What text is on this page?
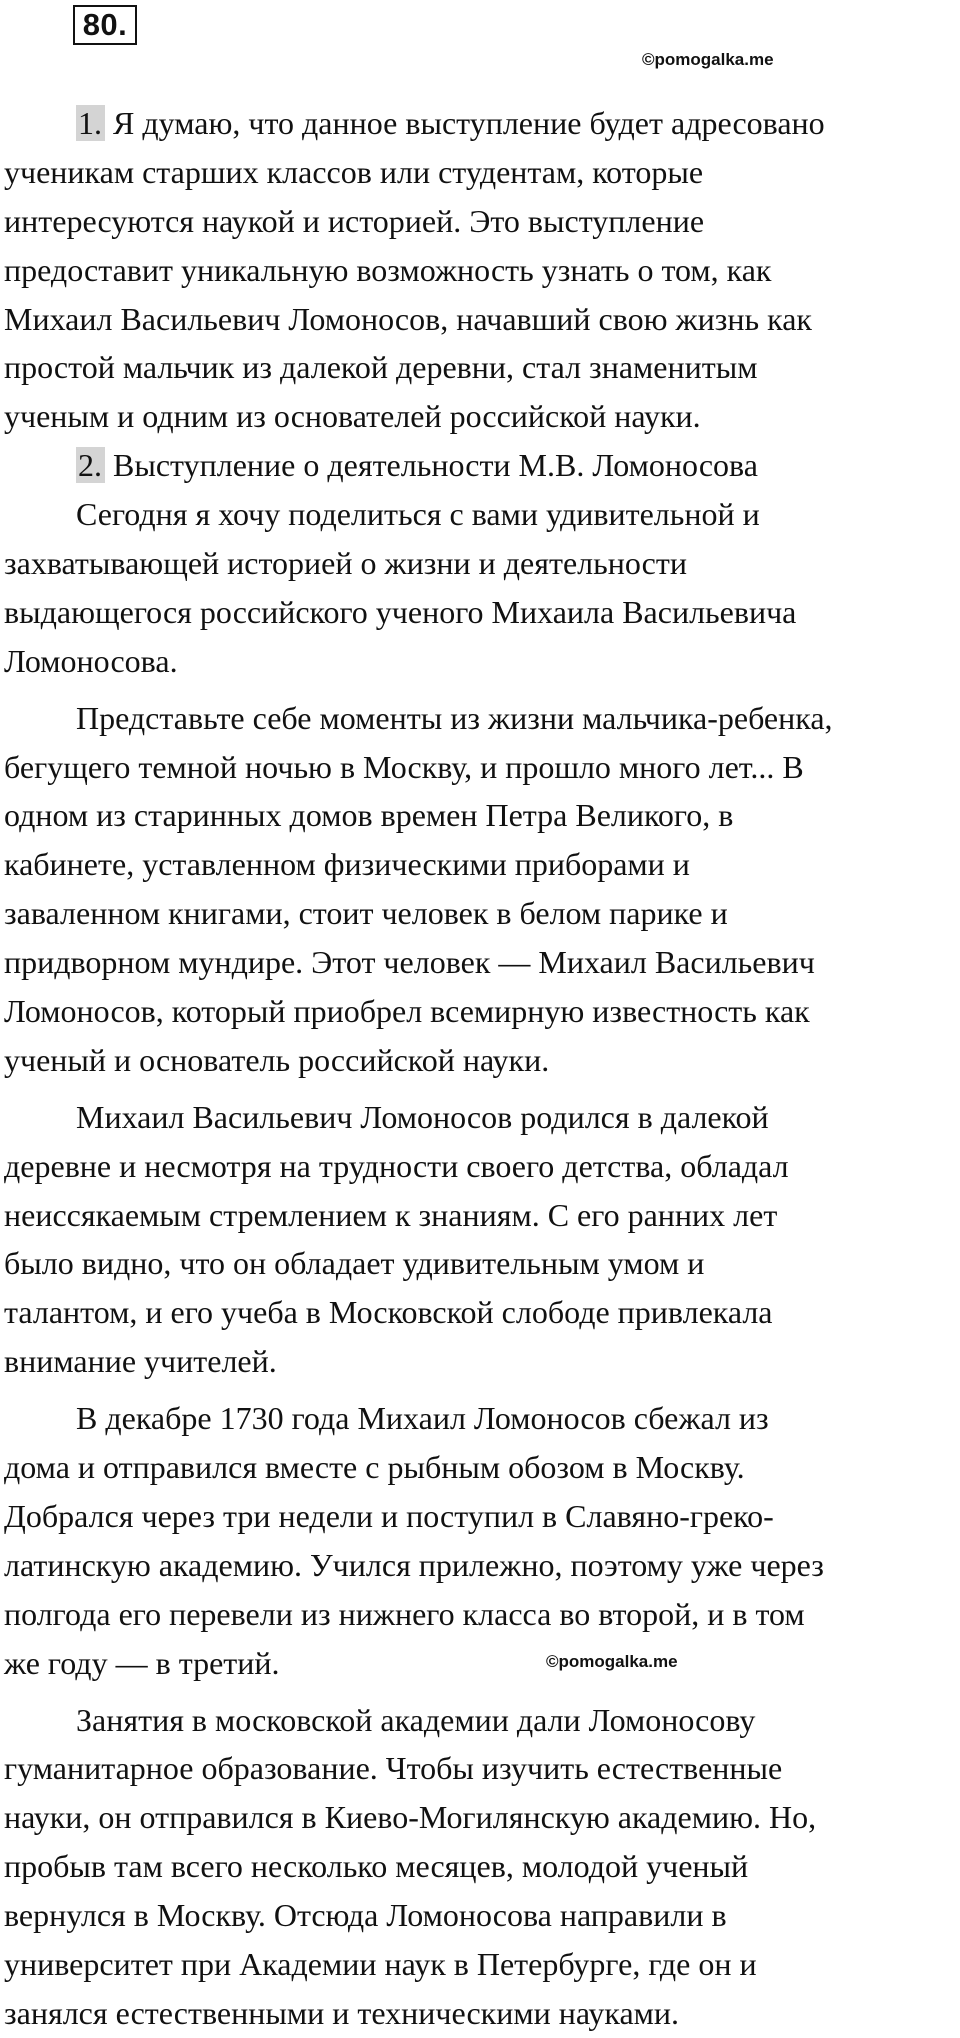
80.
©pomogalka.me
©pomogalka.me
1. Я думаю, что данное выступление будет адресовано
ученикам старших классов или студентам, которые
интересуются наукой и историей. Это выступление
предоставит уникальную возможность узнать о том, как
Михаил Васильевич Ломоносов, начавший свою жизнь как
простой мальчик из далекой деревни, стал знаменитым
ученым и одним из основателей российской науки.
2. Выступление о деятельности М.В. Ломоносова
Сегодня я хочу поделиться с вами удивительной и
захватывающей историей о жизни и деятельности
выдающегося российского ученого Михаила Васильевича
Ломоносова.
Представьте себе моменты из жизни мальчика-ребенка,
бегущего темной ночью в Москву, и прошло много лет... В
одном из старинных домов времен Петра Великого, в
кабинете, уставленном физическими приборами и
заваленном книгами, стоит человек в белом парике и
придворном мундире. Этот человек — Михаил Васильевич
Ломоносов, который приобрел всемирную известность как
ученый и основатель российской науки.
Михаил Васильевич Ломоносов родился в далекой
деревне и несмотря на трудности своего детства, обладал
неиссякаемым стремлением к знаниям. С его ранних лет
было видно, что он обладает удивительным умом и
талантом, и его учеба в Московской слободе привлекала
внимание учителей.
В декабре 1730 года Михаил Ломоносов сбежал из
дома и отправился вместе с рыбным обозом в Москву.
Добрался через три недели и поступил в Славяно-греко-
латинскую академию. Учился прилежно, поэтому уже через
полгода его перевели из нижнего класса во второй, и в том
же году — в третий.
Занятия в московской академии дали Ломоносову
гуманитарное образование. Чтобы изучить естественные
науки, он отправился в Киево-Могилянскую академию. Но,
пробыв там всего несколько месяцев, молодой ученый
вернулся в Москву. Отсюда Ломоносова направили в
университет при Академии наук в Петербурге, где он и
занялся естественными и техническими науками.
